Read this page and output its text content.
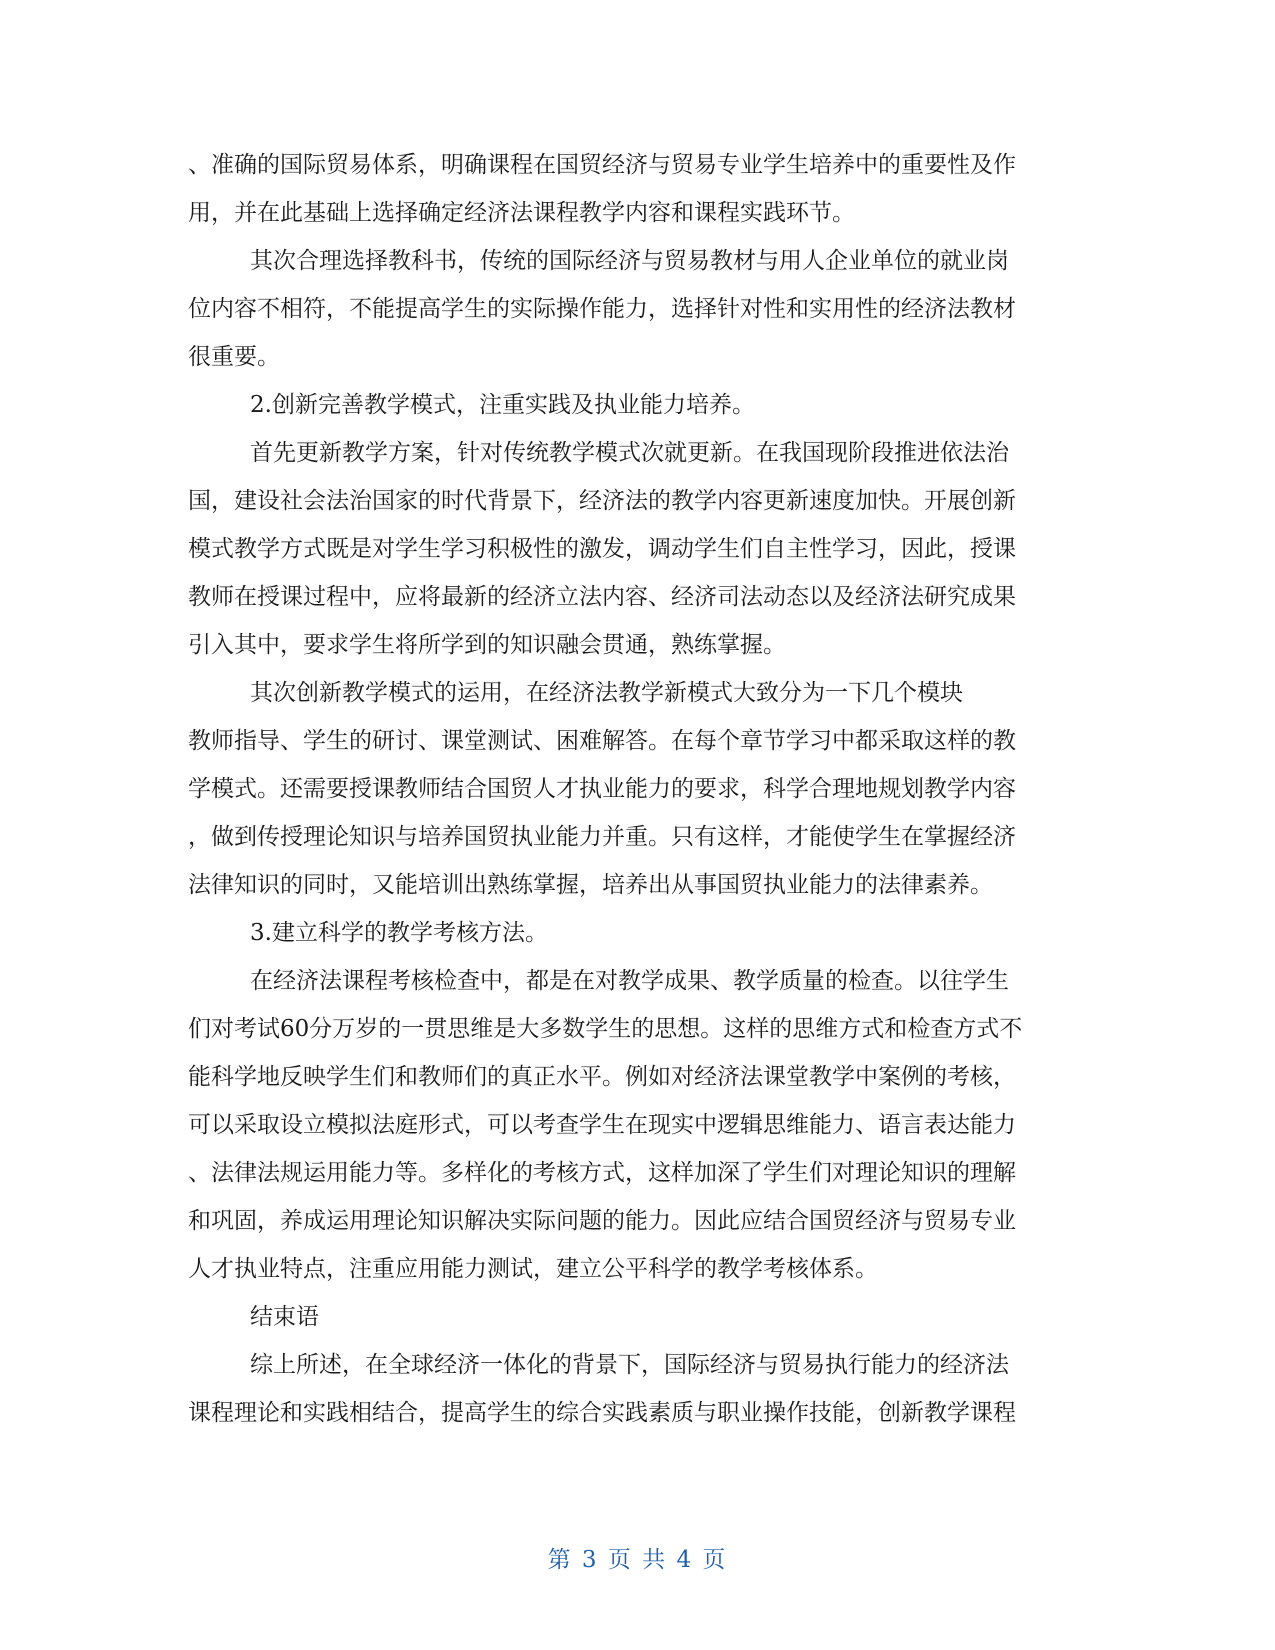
、准确的国际贸易体系，明确课程在国贸经济与贸易专业学生培养中的重要性及作
用，并在此基础上选择确定经济法课程教学内容和课程实践环节。
其次合理选择教科书，传统的国际经济与贸易教材与用人企业单位的就业岗
位内容不相符，不能提高学生的实际操作能力，选择针对性和实用性的经济法教材
很重要。
2.创新完善教学模式，注重实践及执业能力培养。
首先更新教学方案，针对传统教学模式次就更新。在我国现阶段推进依法治
国，建设社会法治国家的时代背景下，经济法的教学内容更新速度加快。开展创新
模式教学方式既是对学生学习积极性的激发，调动学生们自主性学习，因此，授课
教师在授课过程中，应将最新的经济立法内容、经济司法动态以及经济法研究成果
引入其中，要求学生将所学到的知识融会贯通，熟练掌握。
其次创新教学模式的运用，在经济法教学新模式大致分为一下几个模块
教师指导、学生的研讨、课堂测试、困难解答。在每个章节学习中都采取这样的教
学模式。还需要授课教师结合国贸人才执业能力的要求，科学合理地规划教学内容
，做到传授理论知识与培养国贸执业能力并重。只有这样，才能使学生在掌握经济
法律知识的同时，又能培训出熟练掌握，培养出从事国贸执业能力的法律素养。
3.建立科学的教学考核方法。
在经济法课程考核检查中，都是在对教学成果、教学质量的检查。以往学生
们对考试60分万岁的一贯思维是大多数学生的思想。这样的思维方式和检查方式不
能科学地反映学生们和教师们的真正水平。例如对经济法课堂教学中案例的考核，
可以采取设立模拟法庭形式，可以考查学生在现实中逻辑思维能力、语言表达能力
、法律法规运用能力等。多样化的考核方式，这样加深了学生们对理论知识的理解
和巩固，养成运用理论知识解决实际问题的能力。因此应结合国贸经济与贸易专业
人才执业特点，注重应用能力测试，建立公平科学的教学考核体系。
结束语
综上所述，在全球经济一体化的背景下，国际经济与贸易执行能力的经济法
课程理论和实践相结合，提高学生的综合实践素质与职业操作技能，创新教学课程
第 3 页 共 4 页
